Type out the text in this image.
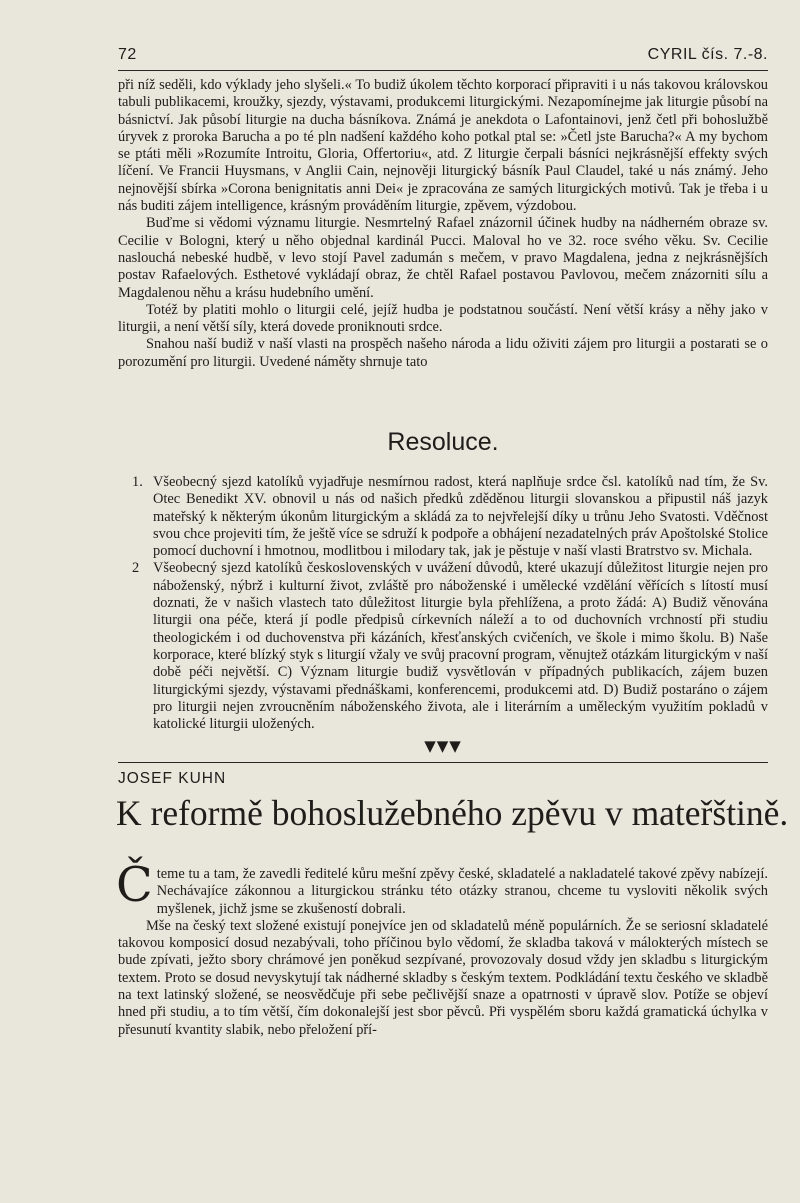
72	CYRIL čís. 7.-8.

při níž seděli, kdo výklady jeho slyšeli.« To budiž úkolem těchto korporací připraviti i u nás takovou královskou tabuli publikacemi, kroužky, sjezdy, výstavami, produkcemi liturgickými. Nezapomínejme jak liturgie působí na básnictví. Jak působí liturgie na ducha básníkova. Známá je anekdota o Lafontainovi, jenž četl při bohoslužbě úryvek z proroka Barucha a po té pln nadšení každého koho potkal ptal se: »Četl jste Barucha?« A my bychom se ptáti měli »Rozumíte Introitu, Gloria, Offertoriu«, atd. Z liturgie čerpali básníci nejkrásnější effekty svých líčení. Ve Francii Huysmans, v Anglii Cain, nejnověji liturgický básník Paul Claudel, také u nás známý. Jeho nejnovější sbírka »Corona benignitatis anni Dei« je zpracována ze samých liturgických motivů. Tak je třeba i u nás buditi zájem intelligence, krásným prováděním liturgie, zpěvem, výzdobou.

Buďme si vědomi významu liturgie. Nesmrtelný Rafael znázornil účinek hudby na nádherném obraze sv. Cecilie v Bologni, který u něho objednal kardinál Pucci. Maloval ho ve 32. roce svého věku. Sv. Cecilie naslouchá nebeské hudbě, v levo stojí Pavel zadumán s mečem, v pravo Magdalena, jedna z nejkrásnějších postav Rafaelových. Esthetové vykládají obraz, že chtěl Rafael postavou Pavlovou, mečem znázorniti sílu a Magdalenou něhu a krásu hudebního umění.

Totéž by platiti mohlo o liturgii celé, jejíž hudba je podstatnou součástí. Není větší krásy a něhy jako v liturgii, a není větší síly, která dovede proniknouti srdce.

Snahou naší budiž v naší vlasti na prospěch našeho národa a lidu oživiti zájem pro liturgii a postarati se o porozumění pro liturgii. Uvedené náměty shrnuje tato

Resoluce.
1. Všeobecný sjezd katolíků vyjadřuje nesmírnou radost, která naplňuje srdce čsl. katolíků nad tím, že Sv. Otec Benedikt XV. obnovil u nás od našich předků zděděnou liturgii slovanskou a připustil náš jazyk mateřský k některým úkonům liturgickým a skládá za to nejvřelejší díky u trůnu Jeho Svatosti. Vděčnost svou chce projeviti tím, že ještě více se sdruží k podpoře a obhájení nezadatelných práv Apoštolské Stolice pomocí duchovní i hmotnou, modlitbou i milodary tak, jak je pěstuje v naší vlasti Bratrstvo sv. Michala.
2 Všeobecný sjezd katolíků československých v uvážení důvodů, které ukazují důležitost liturgie nejen pro náboženský, nýbrž i kulturní život, zvláště pro náboženské i umělecké vzdělání věřících s lítostí musí doznati, že v našich vlastech tato důležitost liturgie byla přehlížena, a proto žádá: A) Budiž věnována liturgii ona péče, která jí podle předpisů církevních náleží a to od duchovních vrchností při studiu theologickém i od duchovenstva při kázáních, křesťanských cvičeních, ve škole i mimo školu. B) Naše korporace, které blízký styk s liturgií vžaly ve svůj pracovní program, věnujtež otázkám liturgickým v naší době péči největší. C) Význam liturgie budiž vysvětlován v případných publikacích, zájem buzen liturgickými sjezdy, výstavami přednáškami, konferencemi, produkcemi atd. D) Budiž postaráno o zájem pro liturgii nejen zvroucněním náboženského života, ale i literárním a uměleckým využitím pokladů v katolické liturgii uložených.
▼▼▼
JOSEF KUHN
K reformě bohoslužebného zpěvu v mateřštině.

Čteme tu a tam, že zavedli ředitelé kůru mešní zpěvy české, skladatelé a nakladatelé takové zpěvy nabízejí. Nechávajíce zákonnou a liturgickou stránku této otázky stranou, chceme tu vysloviti několik svých myšlenek, jichž jsme se zkušeností dobrali.

Mše na český text složené existují ponejvíce jen od skladatelů méně populárních. Že se seriosní skladatelé takovou komposicí dosud nezabývali, toho příčinou bylo vědomí, že skladba taková v málokterých místech se bude zpívati, ježto sbory chrámové jen poněkud sezpívané, provozovaly dosud vždy jen skladbu s liturgickým textem. Proto se dosud nevyskytují tak nádherné skladby s českým textem. Podkládání textu českého ve skladbě na text latinský složené, se neosvědčuje při sebe pečlivější snaze a opatrnosti v úpravě slov. Potíže se objeví hned při studiu, a to tím větší, čím dokonalejší jest sbor pěvců. Při vyspělém sboru každá gramatická úchylka v přesunutí kvantity slabik, nebo přeložení pří-
